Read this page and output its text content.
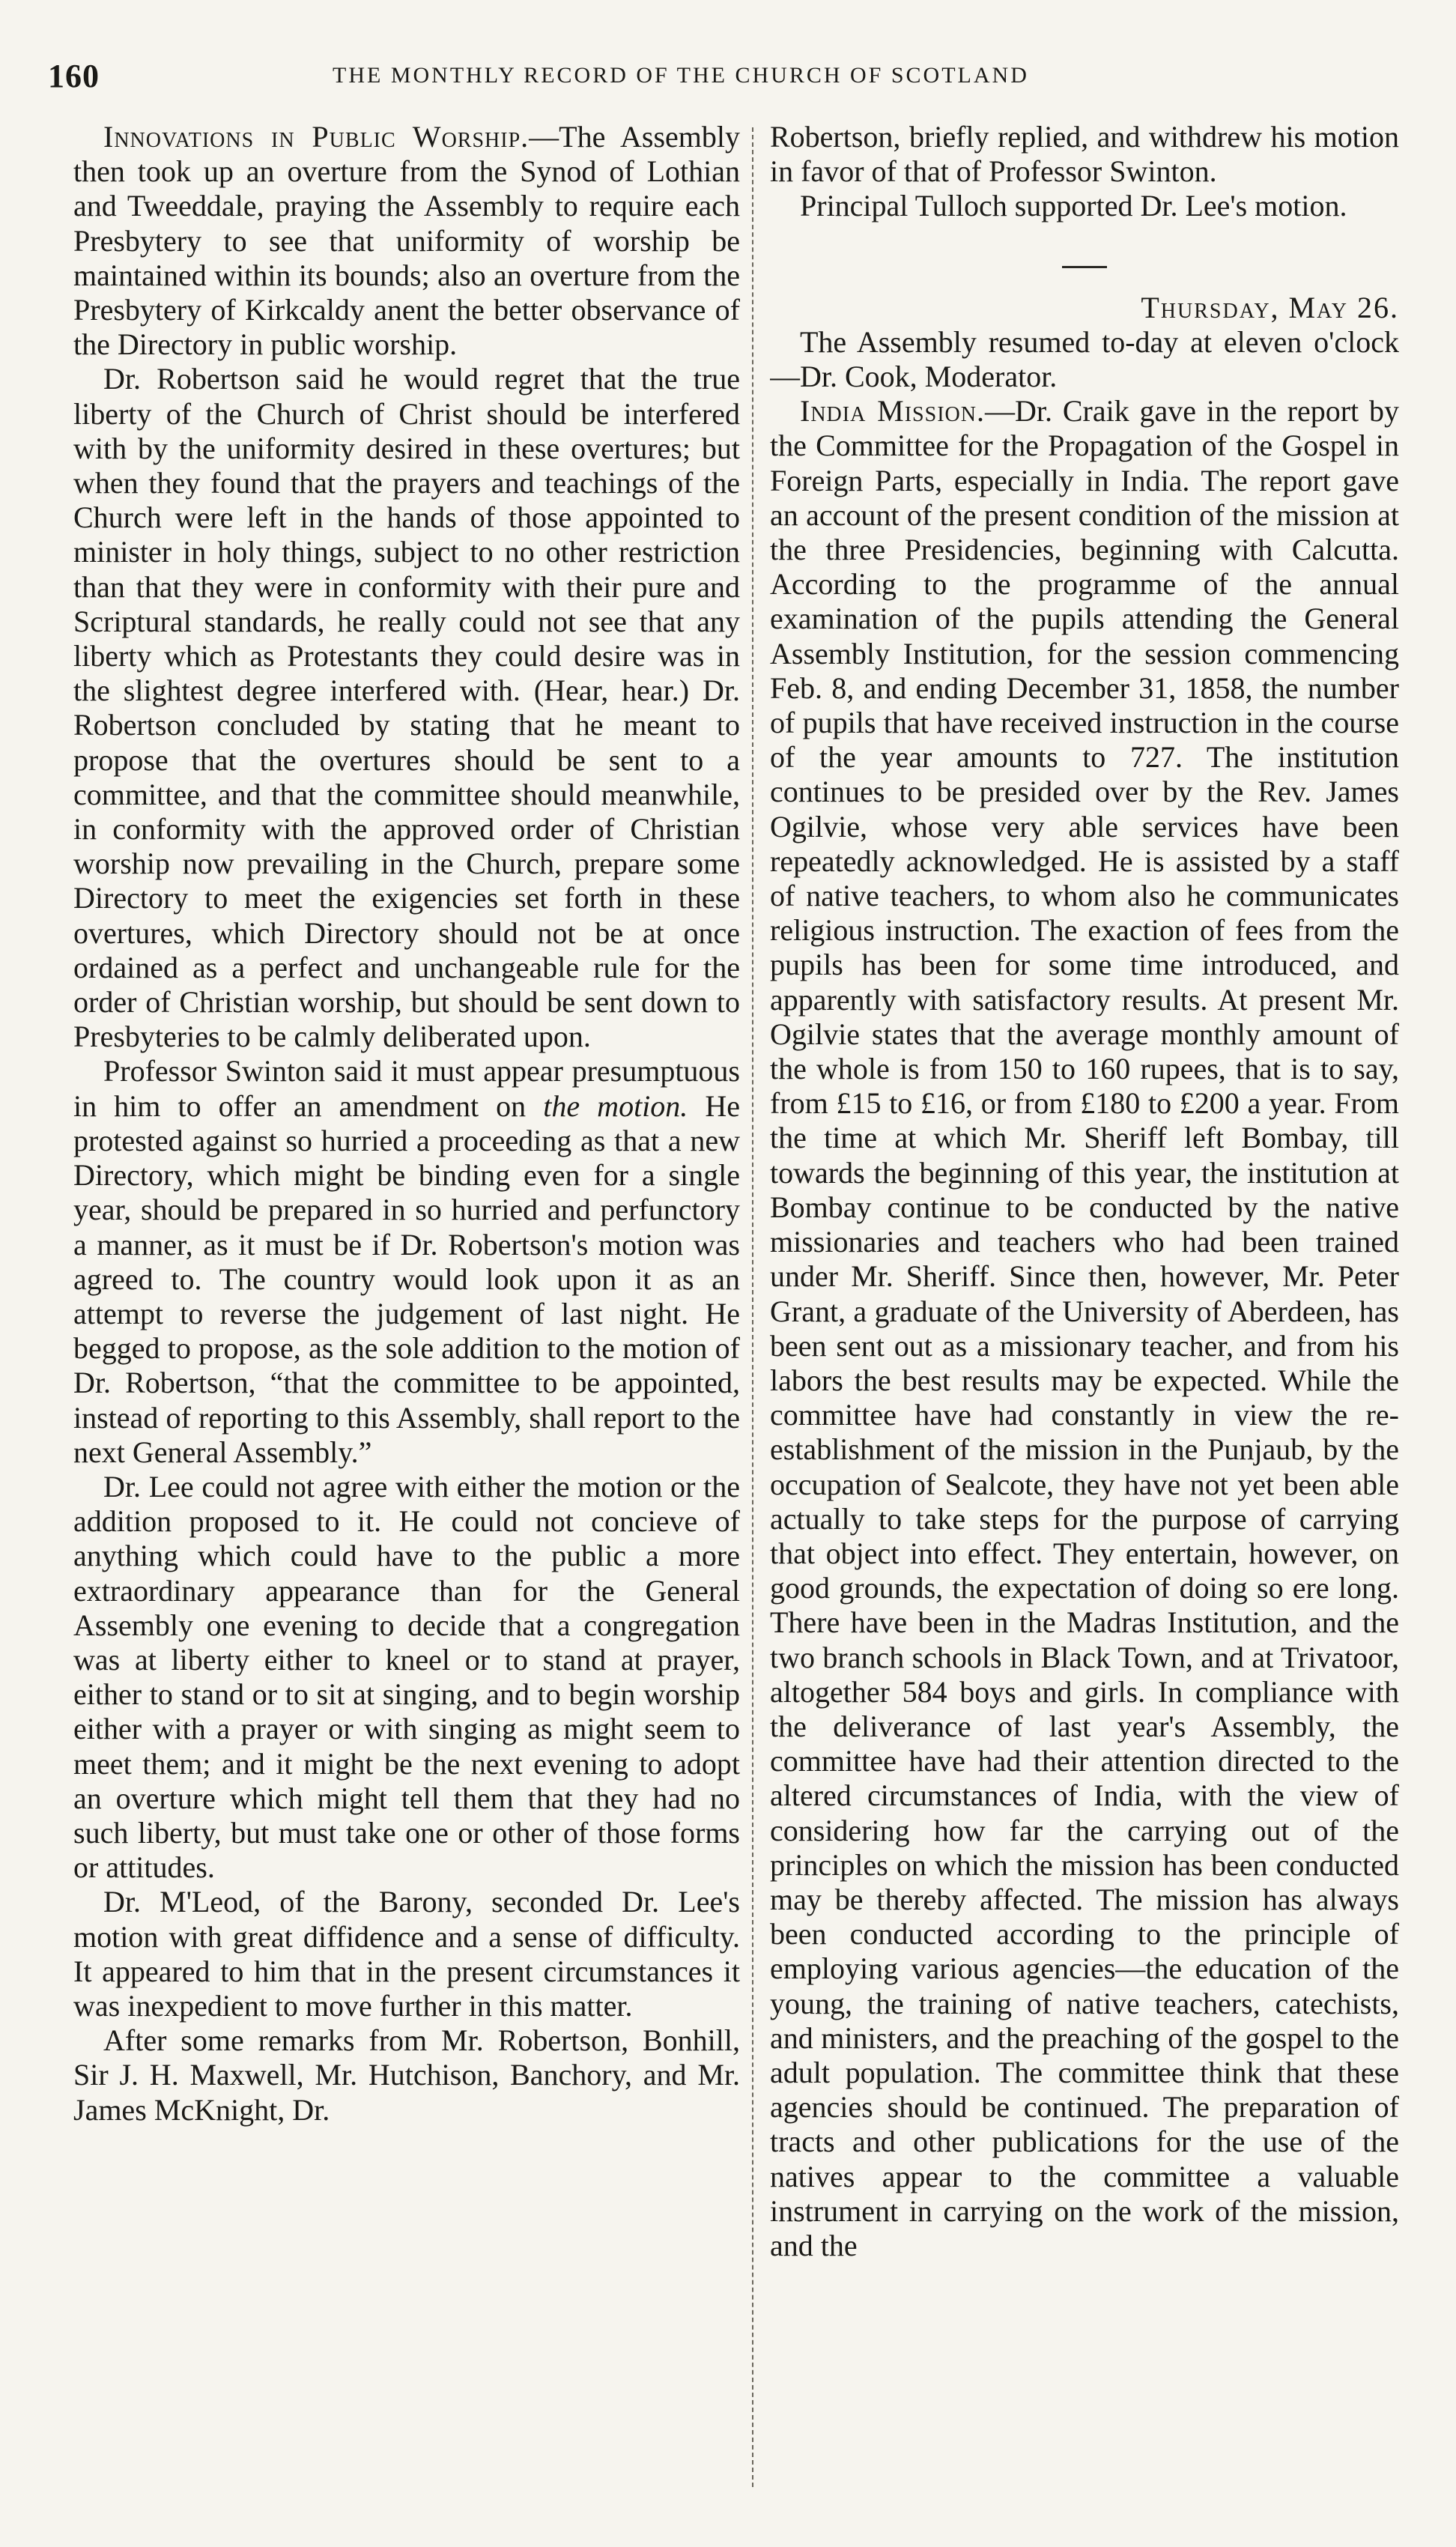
160	THE MONTHLY RECORD OF THE CHURCH OF SCOTLAND

Innovations in Public Worship.—The Assembly then took up an overture from the Synod of Lothian and Tweeddale, praying the Assembly to require each Presbytery to see that uniformity of worship be maintained within its bounds; also an overture from the Presbytery of Kirkcaldy anent the better observance of the Directory in public worship.

Dr. Robertson said he would regret that the true liberty of the Church of Christ should be interfered with by the uniformity desired in these overtures; but when they found that the prayers and teachings of the Church were left in the hands of those appointed to minister in holy things, subject to no other restriction than that they were in conformity with their pure and Scriptural standards, he really could not see that any liberty which as Protestants they could desire was in the slightest degree interfered with. (Hear, hear.) Dr. Robertson concluded by stating that he meant to propose that the overtures should be sent to a committee, and that the committee should meanwhile, in conformity with the approved order of Christian worship now prevailing in the Church, prepare some Directory to meet the exigencies set forth in these overtures, which Directory should not be at once ordained as a perfect and unchangeable rule for the order of Christian worship, but should be sent down to Presbyteries to be calmly deliberated upon.

Professor Swinton said it must appear presumptuous in him to offer an amendment on the motion. He protested against so hurried a proceeding as that a new Directory, which might be binding even for a single year, should be prepared in so hurried and perfunctory a manner, as it must be if Dr. Robertson's motion was agreed to. The country would look upon it as an attempt to reverse the judgement of last night. He begged to propose, as the sole addition to the motion of Dr. Robertson, “that the committee to be appointed, instead of reporting to this Assembly, shall report to the next General Assembly.”

Dr. Lee could not agree with either the motion or the addition proposed to it. He could not concieve of anything which could have to the public a more extraordinary appearance than for the General Assembly one evening to decide that a congregation was at liberty either to kneel or to stand at prayer, either to stand or to sit at singing, and to begin worship either with a prayer or with singing as might seem to meet them; and it might be the next evening to adopt an overture which might tell them that they had no such liberty, but must take one or other of those forms or attitudes.

Dr. M'Leod, of the Barony, seconded Dr. Lee's motion with great diffidence and a sense of difficulty. It appeared to him that in the present circumstances it was inexpedient to move further in this matter.

After some remarks from Mr. Robertson, Bonhill, Sir J. H. Maxwell, Mr. Hutchison, Banchory, and Mr. James McKnight, Dr.

Robertson, briefly replied, and withdrew his motion in favor of that of Professor Swinton.

Principal Tulloch supported Dr. Lee's motion.

Thursday, May 26.

The Assembly resumed to-day at eleven o'clock—Dr. Cook, Moderator.

India Mission.—Dr. Craik gave in the report by the Committee for the Propagation of the Gospel in Foreign Parts, especially in India. The report gave an account of the present condition of the mission at the three Presidencies, beginning with Calcutta. According to the programme of the annual examination of the pupils attending the General Assembly Institution, for the session commencing Feb. 8, and ending December 31, 1858, the number of pupils that have received instruction in the course of the year amounts to 727. The institution continues to be presided over by the Rev. James Ogilvie, whose very able services have been repeatedly acknowledged. He is assisted by a staff of native teachers, to whom also he communicates religious instruction. The exaction of fees from the pupils has been for some time introduced, and apparently with satisfactory results. At present Mr. Ogilvie states that the average monthly amount of the whole is from 150 to 160 rupees, that is to say, from £15 to £16, or from £180 to £200 a year. From the time at which Mr. Sheriff left Bombay, till towards the beginning of this year, the institution at Bombay continue to be conducted by the native missionaries and teachers who had been trained under Mr. Sheriff. Since then, however, Mr. Peter Grant, a graduate of the University of Aberdeen, has been sent out as a missionary teacher, and from his labors the best results may be expected. While the committee have had constantly in view the re-establishment of the mission in the Punjaub, by the occupation of Sealcote, they have not yet been able actually to take steps for the purpose of carrying that object into effect. They entertain, however, on good grounds, the expectation of doing so ere long. There have been in the Madras Institution, and the two branch schools in Black Town, and at Trivatoor, altogether 584 boys and girls. In compliance with the deliverance of last year's Assembly, the committee have had their attention directed to the altered circumstances of India, with the view of considering how far the carrying out of the principles on which the mission has been conducted may be thereby affected. The mission has always been conducted according to the principle of employing various agencies—the education of the young, the training of native teachers, catechists, and ministers, and the preaching of the gospel to the adult population. The committee think that these agencies should be continued. The preparation of tracts and other publications for the use of the natives appear to the committee a valuable instrument in carrying on the work of the mission, and the
